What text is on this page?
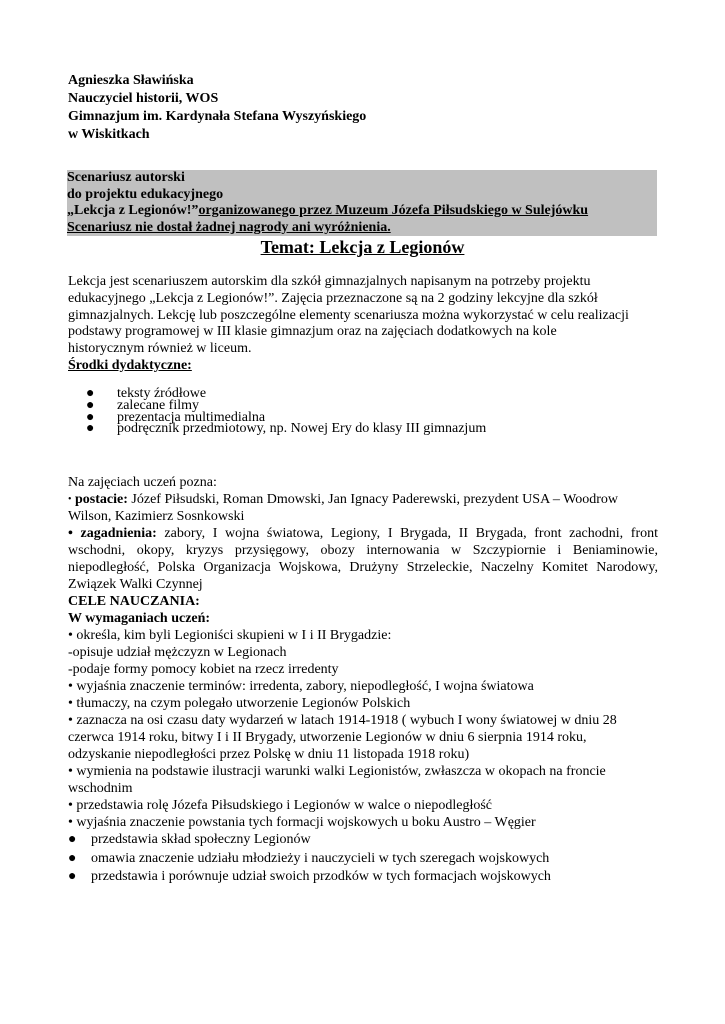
Agnieszka Sławińska
Nauczyciel historii, WOS
Gimnazjum im. Kardynała Stefana Wyszyńskiego
w Wiskitkach
Scenariusz autorski
do projektu edukacyjnego
„Lekcja z Legionów!”organizowanego przez Muzeum Józefa Piłsudskiego w Sulejówku
Scenariusz nie dostał żadnej nagrody ani wyróżnienia.
Temat: Lekcja z Legionów
Lekcja jest scenariuszem autorskim dla szkół gimnazjalnych napisanym na potrzeby projektu
edukacyjnego „Lekcja z Legionów!”. Zajęcia przeznaczone są na 2 godziny lekcyjne dla szkół
gimnazjalnych. Lekcję lub poszczególne elementy scenariusza można wykorzystać w celu realizacji
podstawy programowej w III klasie gimnazjum oraz na zajęciach dodatkowych na kole
historycznym również w liceum.
Środki dydaktyczne:
● teksty źródłowe
● zalecane filmy
● prezentacja multimedialna
● podręcznik przedmiotowy, np. Nowej Ery do klasy III gimnazjum
Na zajęciach uczeń pozna:
• postacie: Józef Piłsudski, Roman Dmowski, Jan Ignacy Paderewski, prezydent USA – Woodrow
Wilson, Kazimierz Sosnkowski
• zagadnienia: zabory, I wojna światowa, Legiony, I Brygada, II Brygada, front zachodni, front
wschodni, okopy, kryzys przysięgowy, obozy internowania w Szczypiornie i Beniaminowie,
niepodległość, Polska Organizacja Wojskowa, Drużyny Strzeleckie, Naczelny Komitet Narodowy,
Związek Walki Czynnej
CELE NAUCZANIA:
W wymaganiach uczeń:
• określa, kim byli Legioniści skupieni w I i II Brygadzie:
-opisuje udział mężczyzn w Legionach
-podaje formy pomocy kobiet na rzecz irredenty
• wyjaśnia znaczenie terminów: irredenta, zabory, niepodległość, I wojna światowa
• tłumaczy, na czym polegało utworzenie Legionów Polskich
• zaznacza na osi czasu daty wydarzeń w latach 1914-1918 ( wybuch I wony światowej w dniu 28
czerwca 1914 roku, bitwy I i II Brygady, utworzenie Legionów w dniu 6 sierpnia 1914 roku,
odzyskanie niepodległości przez Polskę w dniu 11 listopada 1918 roku)
• wymienia na podstawie ilustracji warunki walki Legionistów, zwłaszcza w okopach na froncie
wschodnim
• przedstawia rolę Józefa Piłsudskiego i Legionów w walce o niepodległość
• wyjaśnia znaczenie powstania tych formacji wojskowych u boku Austro – Węgier
● przedstawia skład społeczny Legionów
● omawia znaczenie udziału młodzieży i nauczycieli w tych szeregach wojskowych
● przedstawia i porównuje udział swoich przodków w tych formacjach wojskowych
